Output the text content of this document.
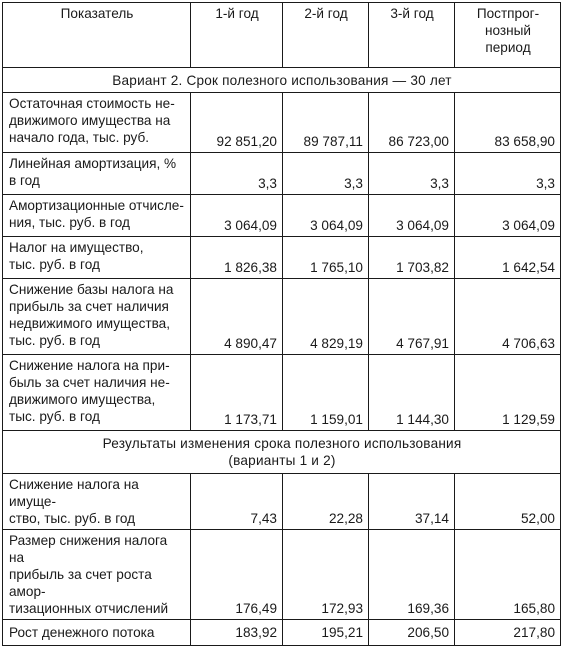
Показатель	1-й год	2-й год	3-й год	Постпрог-
нозный
период
Вариант 2. Срок полезного использования — 30 лет				
Остаточная стоимость не-
движимого имущества на
начало года, тыс. руб.	92 851,20	89 787,11	86 723,00	83 658,90
Линейная амортизация, %
в год	3,3	3,3	3,3	3,3
Амортизационные отчисле-
ния, тыс. руб. в год	3 064,09	3 064,09	3 064,09	3 064,09
Налог на имущество,
тыс. руб. в год	1 826,38	1 765,10	1 703,82	1 642,54
Снижение базы налога на
прибыль за счет наличия
недвижимого имущества,
тыс. руб. в год	4 890,47	4 829,19	4 767,91	4 706,63
Снижение налога на при-
быль за счет наличия не-
движимого имущества,
тыс. руб. в год	1 173,71	1 159,01	1 144,30	1 129,59
Результаты изменения срока полезного использования
(варианты 1 и 2)				
Снижение налога на имуще-
ство, тыс. руб. в год	7,43	22,28	37,14	52,00
Размер снижения налога на
прибыль за счет роста амор-
тизационных отчислений	176,49	172,93	169,36	165,80
Рост денежного потока	183,92	195,21	206,50	217,80
